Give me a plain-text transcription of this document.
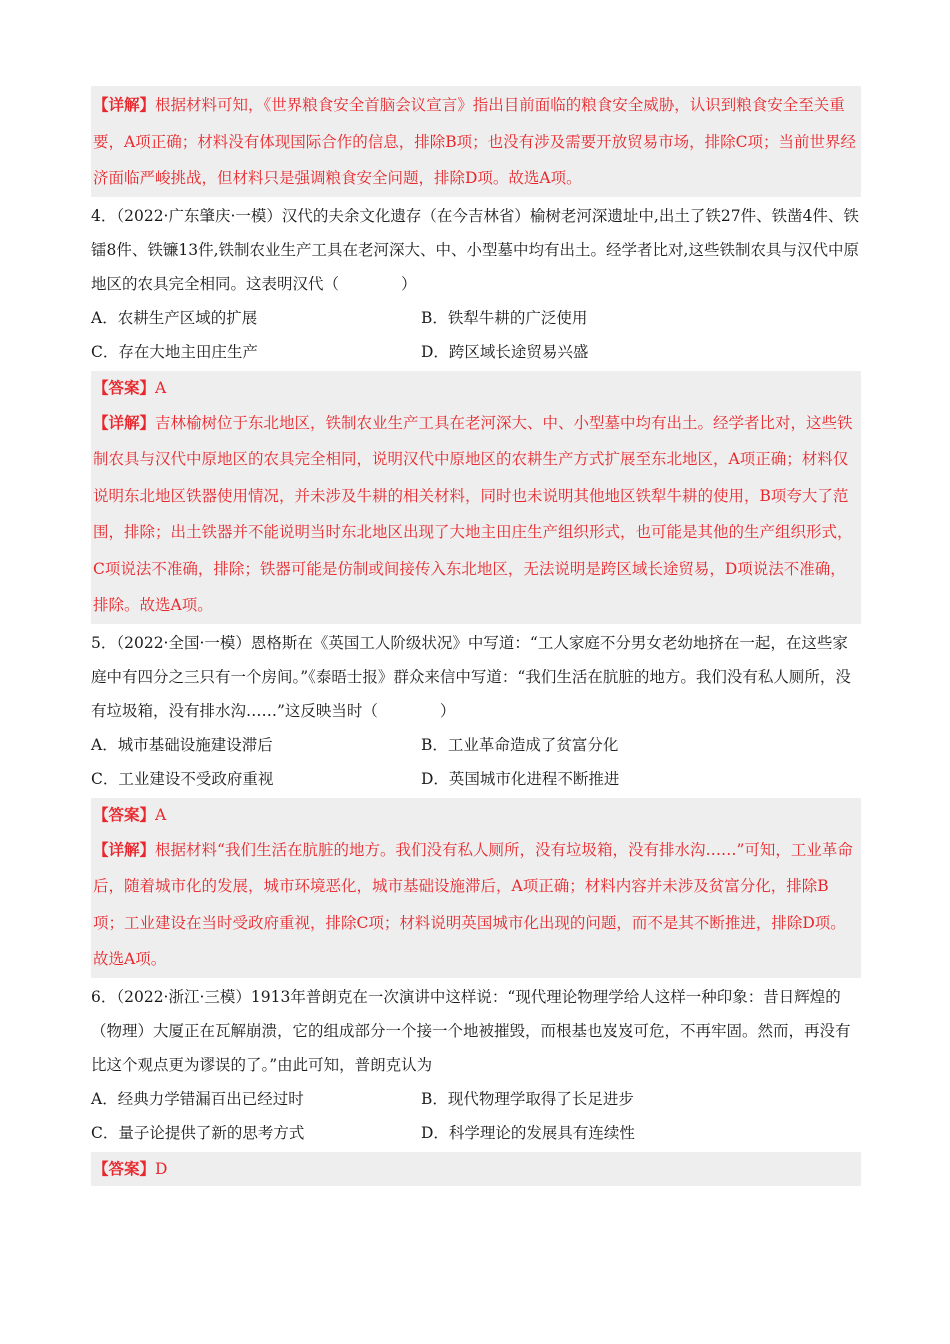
【详解】根据材料可知，《世界粮食安全首脑会议宣言》指出目前面临的粮食安全威胁，认识到粮食安全至关重要，A项正确；材料没有体现国际合作的信息，排除B项；也没有涉及需要开放贸易市场，排除C项；当前世界经济面临严峻挑战，但材料只是强调粮食安全问题，排除D项。故选A项。
4．（2022·广东肇庆·一模）汉代的夫余文化遗存（在今吉林省）榆树老河深遗址中,出土了铁27件、铁凿4件、铁镭8件、铁镰13件,铁制农业生产工具在老河深大、中、小型墓中均有出土。经学者比对,这些铁制农具与汉代中原地区的农具完全相同。这表明汉代（　　　　）
A．农耕生产区域的扩展	B．铁犁牛耕的广泛使用
C．存在大地主田庄生产	D．跨区域长途贸易兴盛
【答案】A
【详解】吉林榆树位于东北地区，铁制农业生产工具在老河深大、中、小型墓中均有出土。经学者比对，这些铁制农具与汉代中原地区的农具完全相同，说明汉代中原地区的农耕生产方式扩展至东北地区，A项正确；材料仅说明东北地区铁器使用情况，并未涉及牛耕的相关材料，同时也未说明其他地区铁犁牛耕的使用，B项夸大了范围，排除；出土铁器并不能说明当时东北地区出现了大地主田庄生产组织形式，也可能是其他的生产组织形式，C项说法不准确，排除；铁器可能是仿制或间接传入东北地区，无法说明是跨区域长途贸易，D项说法不准确，排除。故选A项。
5．（2022·全国·一模）恩格斯在《英国工人阶级状况》中写道：“工人家庭不分男女老幼地挤在一起，在这些家庭中有四分之三只有一个房间。”《泰晤士报》群众来信中写道：“我们生活在肮脏的地方。我们没有私人厕所，没有垃圾箱，没有排水沟……”这反映当时（　　　　）
A．城市基础设施建设滞后	B．工业革命造成了贫富分化
C．工业建设不受政府重视	D．英国城市化进程不断推进
【答案】A
【详解】根据材料“我们生活在肮脏的地方。我们没有私人厕所，没有垃圾箱，没有排水沟……”可知，工业革命后，随着城市化的发展，城市环境恶化，城市基础设施滞后，A项正确；材料内容并未涉及贫富分化，排除B项；工业建设在当时受政府重视，排除C项；材料说明英国城市化出现的问题，而不是其不断推进，排除D项。故选A项。
6．（2022·浙江·三模）1913年普朗克在一次演讲中这样说：“现代理论物理学给人这样一种印象：昔日辉煌的（物理）大厦正在瓦解崩溃，它的组成部分一个接一个地被摧毁，而根基也岌岌可危，不再牢固。然而，再没有比这个观点更为谬误的了。”由此可知，普朗克认为
A．经典力学错漏百出已经过时	B．现代物理学取得了长足进步
C．量子论提供了新的思考方式	D．科学理论的发展具有连续性
【答案】D
